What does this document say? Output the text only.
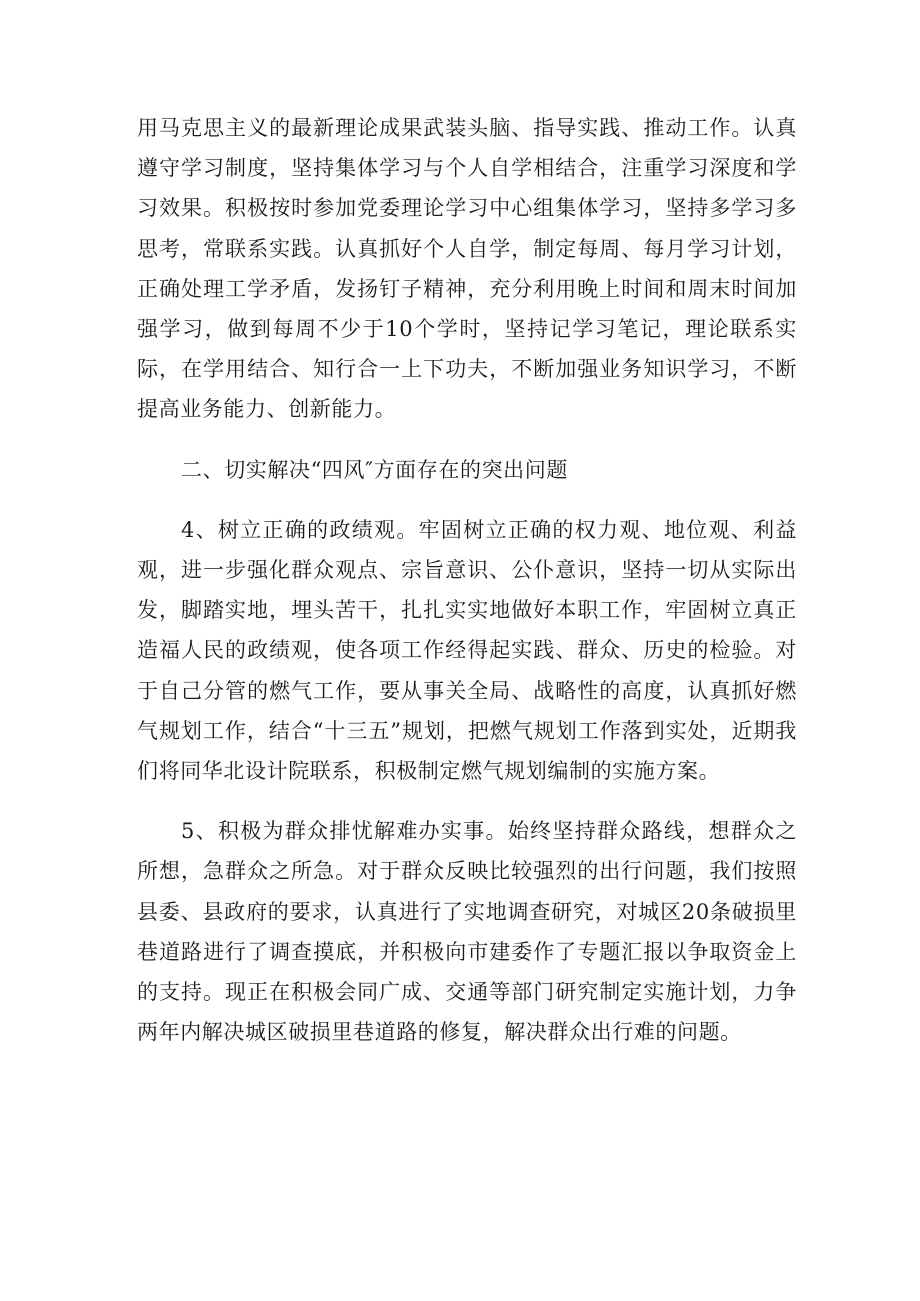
用马克思主义的最新理论成果武装头脑、指导实践、推动工作。认真遵守学习制度，坚持集体学习与个人自学相结合，注重学习深度和学习效果。积极按时参加党委理论学习中心组集体学习，坚持多学习多思考，常联系实践。认真抓好个人自学，制定每周、每月学习计划，正确处理工学矛盾，发扬钉子精神，充分利用晚上时间和周末时间加强学习，做到每周不少于10个学时，坚持记学习笔记，理论联系实际，在学用结合、知行合一上下功夫，不断加强业务知识学习，不断提高业务能力、创新能力。

二、切实解决“四风″方面存在的突出问题

4、树立正确的政绩观。牢固树立正确的权力观、地位观、利益观，进一步强化群众观点、宗旨意识、公仆意识，坚持一切从实际出发，脚踏实地，埋头苦干，扎扎实实地做好本职工作，牢固树立真正造福人民的政绩观，使各项工作经得起实践、群众、历史的检验。对于自己分管的燃气工作，要从事关全局、战略性的高度，认真抓好燃气规划工作，结合“十三五”规划，把燃气规划工作落到实处，近期我们将同华北设计院联系，积极制定燃气规划编制的实施方案。

5、积极为群众排忧解难办实事。始终坚持群众路线，想群众之所想，急群众之所急。对于群众反映比较强烈的出行问题，我们按照县委、县政府的要求，认真进行了实地调查研究，对城区20条破损里巷道路进行了调查摸底，并积极向市建委作了专题汇报以争取资金上的支持。现正在积极会同广成、交通等部门研究制定实施计划，力争两年内解决城区破损里巷道路的修复，解决群众出行难的问题。
